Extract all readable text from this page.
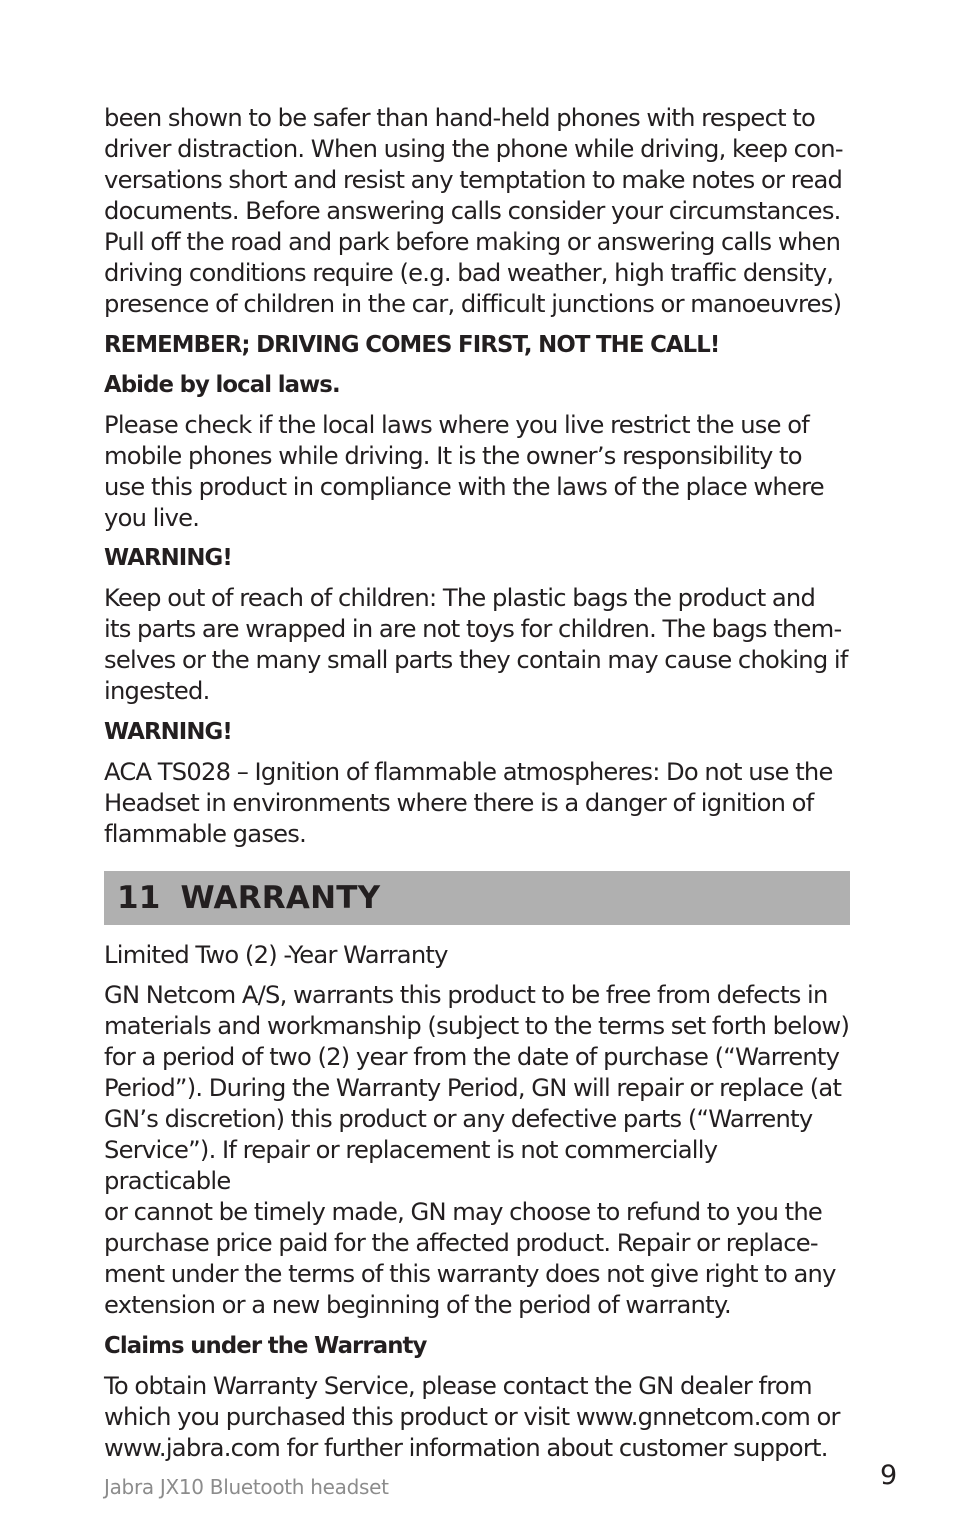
been shown to be safer than hand-held phones with respect to
driver distraction. When using the phone while driving, keep con-
versations short and resist any temptation to make notes or read
documents. Before answering calls consider your circumstances.
Pull off the road and park before making or answering calls when
driving conditions require (e.g. bad weather, high traffic density,
presence of children in the car, difficult junctions or manoeuvres)

REMEMBER; DRIVING COMES FIRST, NOT THE CALL!

Abide by local laws.

Please check if the local laws where you live restrict the use of
mobile phones while driving. It is the owner’s responsibility to
use this product in compliance with the laws of the place where
you live.

WARNING!

Keep out of reach of children: The plastic bags the product and
its parts are wrapped in are not toys for children. The bags them-
selves or the many small parts they contain may cause choking if
ingested.

WARNING!

ACA TS028 – Ignition of flammable atmospheres: Do not use the
Headset in environments where there is a danger of ignition of
flammable gases.

11 WARRANTY

Limited Two (2) -Year Warranty

GN Netcom A/S, warrants this product to be free from defects in
materials and workmanship (subject to the terms set forth below)
for a period of two (2) year from the date of purchase (“Warrenty
Period”). During the Warranty Period, GN will repair or replace (at
GN’s discretion) this product or any defective parts (“Warrenty
Service”). If repair or replacement is not commercially practicable
or cannot be timely made, GN may choose to refund to you the
purchase price paid for the affected product. Repair or replace-
ment under the terms of this warranty does not give right to any
extension or a new beginning of the period of warranty.

Claims under the Warranty

To obtain Warranty Service, please contact the GN dealer from
which you purchased this product or visit www.gnnetcom.com or
www.jabra.com for further information about customer support.

Jabra JX10 Bluetooth headset	9
